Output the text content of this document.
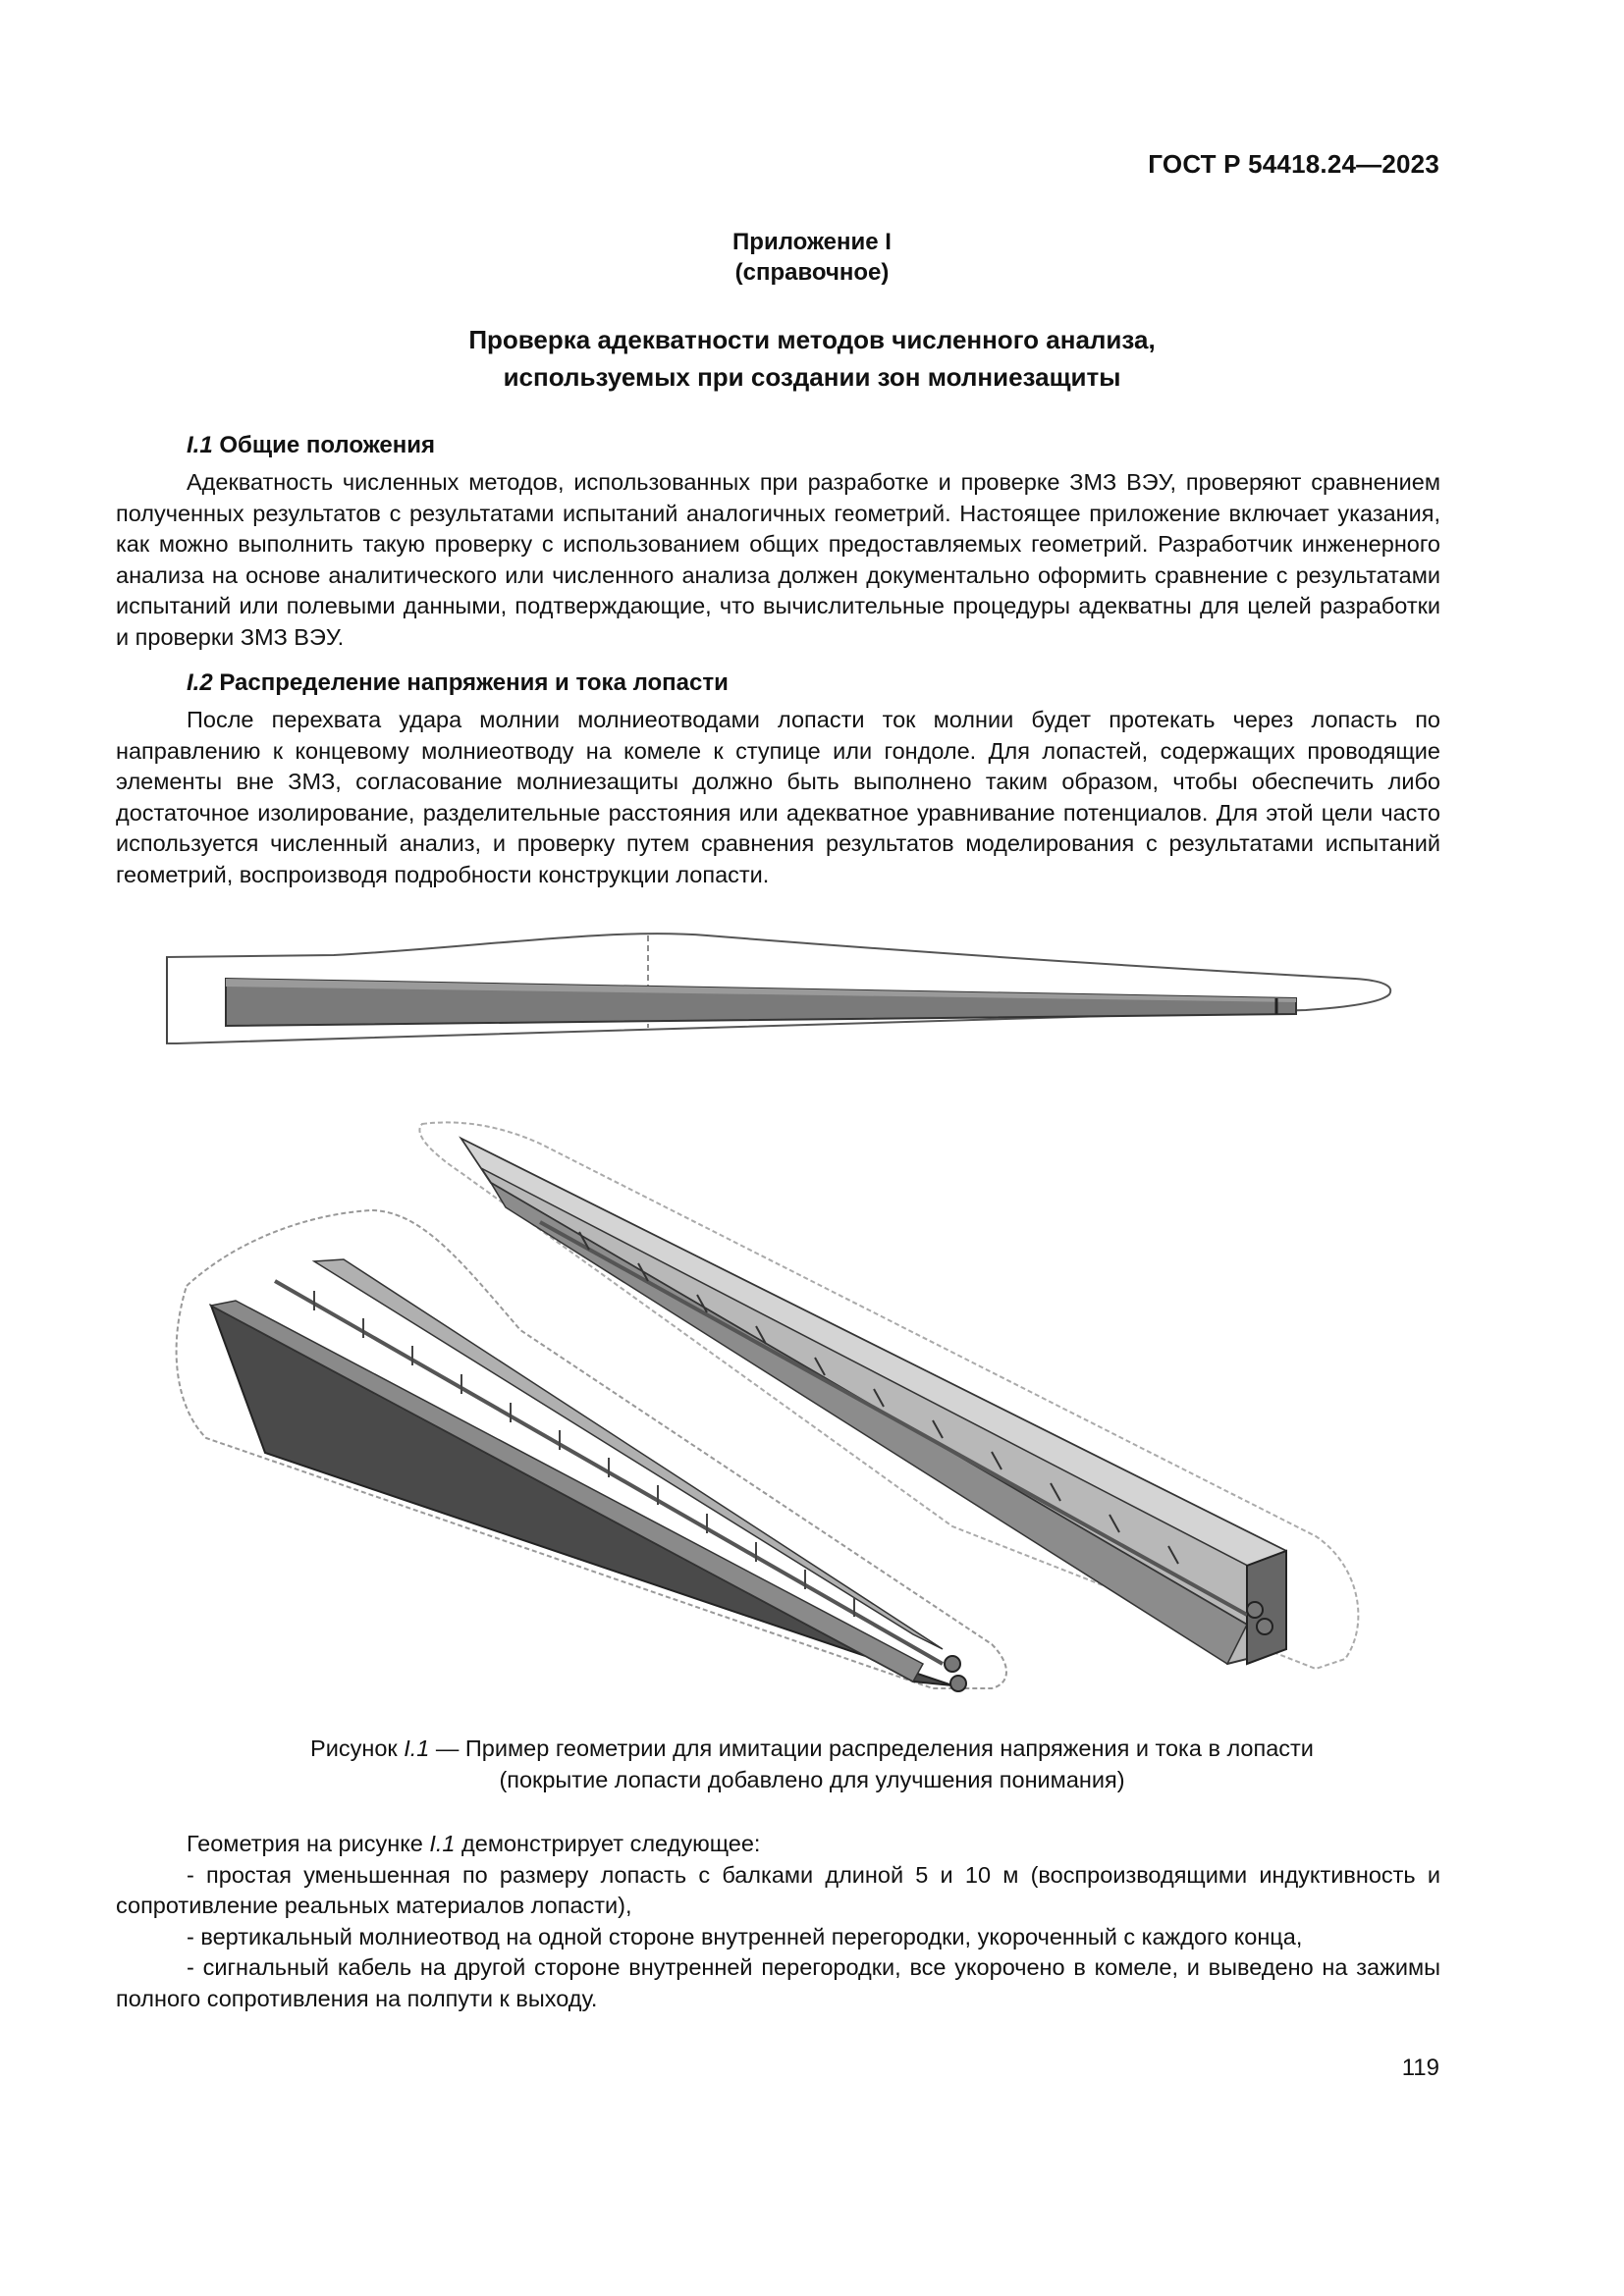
ГОСТ Р 54418.24—2023
Приложение I
(справочное)
Проверка адекватности методов численного анализа,
используемых при создании зон молниезащиты
I.1 Общие положения

Адекватность численных методов, использованных при разработке и проверке ЗМЗ ВЭУ, проверяют сравнением полученных результатов с результатами испытаний аналогичных геометрий. Настоящее приложение включает указания, как можно выполнить такую проверку с использованием общих предоставляемых геометрий. Разработчик инженерного анализа на основе аналитического или численного анализа должен документально оформить сравнение с результатами испытаний или полевыми данными, подтверждающие, что вычислительные процедуры адекватны для целей разработки и проверки ЗМЗ ВЭУ.

I.2 Распределение напряжения и тока лопасти

После перехвата удара молнии молниеотводами лопасти ток молнии будет протекать через лопасть по направлению к концевому молниеотводу на комеле к ступице или гондоле. Для лопастей, содержащих проводящие элементы вне ЗМЗ, согласование молниезащиты должно быть выполнено таким образом, чтобы обеспечить либо достаточное изолирование, разделительные расстояния или адекватное уравнивание потенциалов. Для этой цели часто используется численный анализ, и проверку путем сравнения результатов моделирования с результатами испытаний геометрий, воспроизводя подробности конструкции лопасти.

Рисунок I.1 — Пример геометрии для имитации распределения напряжения и тока в лопасти
(покрытие лопасти добавлено для улучшения понимания)

Геометрия на рисунке I.1 демонстрирует следующее:

- простая уменьшенная по размеру лопасть с балками длиной 5 и 10 м (воспроизводящими индуктивность и сопротивление реальных материалов лопасти),

- вертикальный молниеотвод на одной стороне внутренней перегородки, укороченный с каждого конца,

- сигнальный кабель на другой стороне внутренней перегородки, все укорочено в комеле, и выведено на зажимы полного сопротивления на полпути к выходу.

119
